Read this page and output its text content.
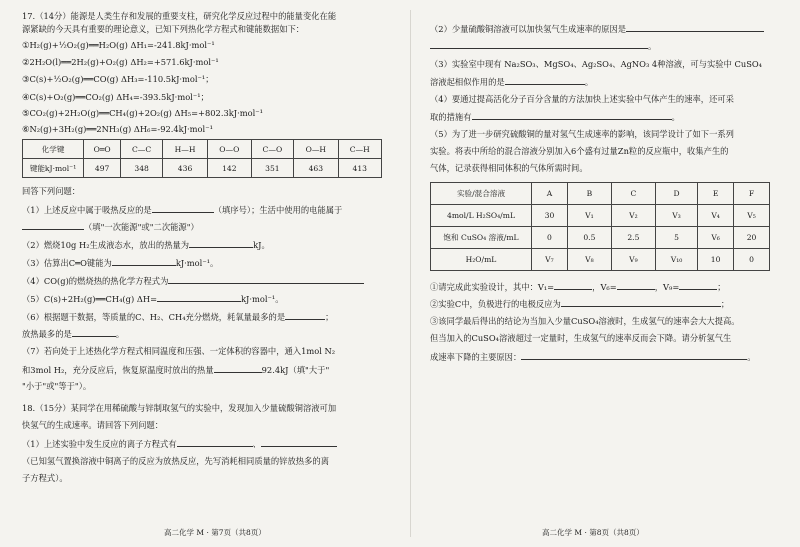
17.（14分）能源是人类生存和发展的重要支柱，研究化学反应过程中的能量变化在能
源紧缺的今天具有重要的理论意义，已知下列热化学方程式和键能数据如下：
①H₂(g)+½O₂(g)══H₂O(g) ΔH₁=-241.8kJ·mol⁻¹
②2H₂O(l)══2H₂(g)+O₂(g) ΔH₂=+571.6kJ·mol⁻¹
③C(s)+½O₂(g)══CO(g) ΔH₃=-110.5kJ·mol⁻¹；
④C(s)+O₂(g)══CO₂(g) ΔH₄=-393.5kJ·mol⁻¹；
⑤CO₂(g)+2H₂O(g)══CH₄(g)+2O₂(g) ΔH₅=+802.3kJ·mol⁻¹
⑥N₂(g)+3H₂(g)══2NH₃(g) ΔH₆=-92.4kJ·mol⁻¹
化学键	O═O	C—C	H—H	O—O	C—O	O—H	C—H
键能kJ·mol⁻¹	497	348	436	142	351	463	413
回答下列问题：
（1）上述反应中属于吸热反应的是	（填序号）；生活中使用的电能属于
（填"一次能源"或"二次能源"）
（2）燃烧10g H₂生成液态水，放出的热量为	kJ。
（3）估算出C═O键能为	kJ·mol⁻¹。
（4）CO(g)的燃烧热的热化学方程式为
（5）C(s)+2H₂(g)══CH₄(g) ΔH=	kJ·mol⁻¹。
（6）根据题干数据，等质量的C、H₂、CH₄充分燃烧，耗氧量最多的是	；
放热最多的是	。
（7）若向处于上述热化学方程式相同温度和压强、一定体积的容器中，通入1mol N₂
和3mol H₂，充分反应后，恢复原温度时放出的热量	92.4kJ（填"大于"
"小于"或"等于"）。
18.（15分）某同学在用稀硫酸与锌制取氢气的实验中，发现加入少量硫酸铜溶液可加
快氢气的生成速率。请回答下列问题：
（1）上述实验中发生反应的离子方程式有	、
（已知氢气置换溶液中铜离子的反应为放热反应，先写消耗相同质量的锌放热多的离
子方程式）。
高二化学 M · 第7页（共8页）
（2）少量硫酸铜溶液可以加快氢气生成速率的原因是
。
（3）实验室中现有 Na₂SO₃、MgSO₄、Ag₂SO₄、AgNO₃ 4种溶液，可与实验中 CuSO₄
溶液起相似作用的是	。
（4）要通过提高活化分子百分含量的方法加快上述实验中气体产生的速率，还可采
取的措施有	。
（5）为了进一步研究硫酸铜的量对氢气生成速率的影响，该同学设计了如下一系列
实验。将表中所给的混合溶液分别加入6个盛有过量Zn粒的反应瓶中，收集产生的
气体，记录获得相同体积的气体所需时间。
实验/混合溶液	A	B	C	D	E	F
4mol/L H₂SO₄/mL	30	V₁	V₂	V₃	V₄	V₅
饱和 CuSO₄ 溶液/mL	0	0.5	2.5	5	V₆	20
H₂O/mL	V₇	V₈	V₉	V₁₀	10	0
①请完成此实验设计，其中：V₁=	，V₆=	，V₉=	；
②实验C中，负极进行的电极反应为	；
③该同学最后得出的结论为当加入少量CuSO₄溶液时，生成氢气的速率会大大提高。
但当加入的CuSO₄溶液超过一定量时，生成氢气的速率反而会下降。请分析氢气生
成速率下降的主要原因：	。
高二化学 M · 第8页（共8页）
